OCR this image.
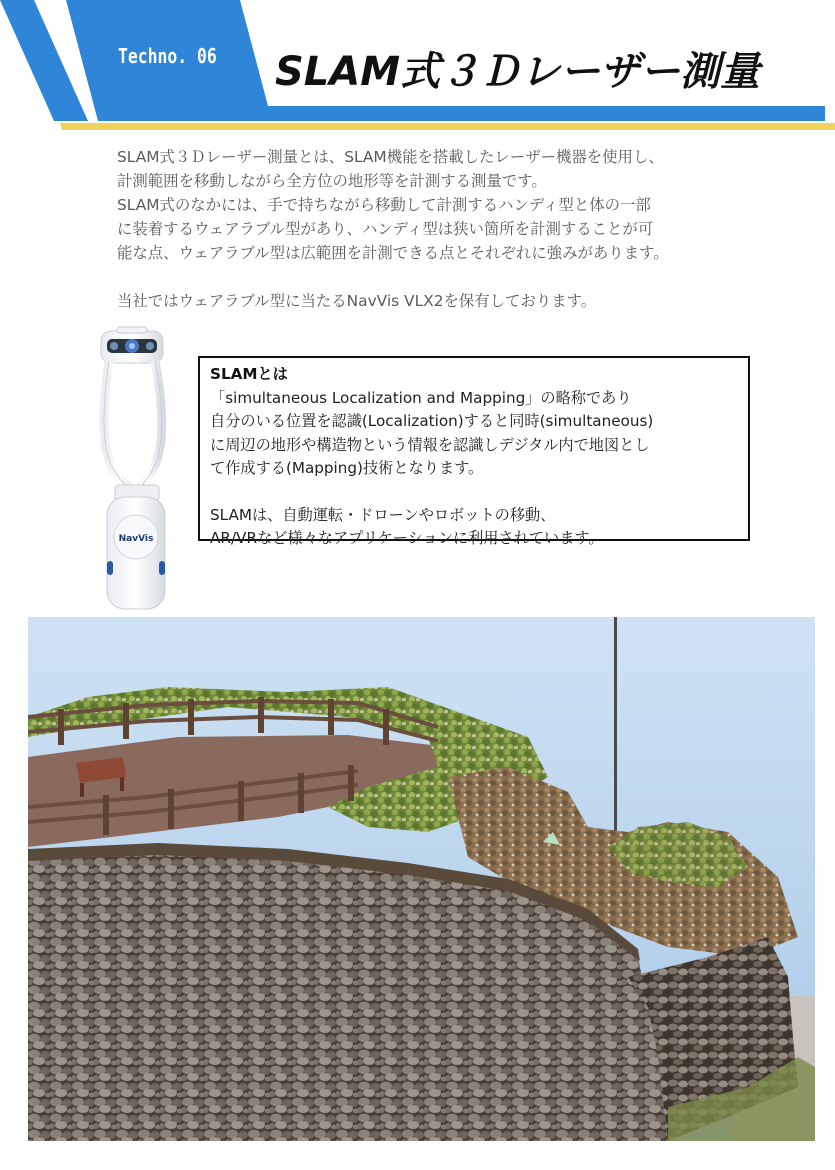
Techno. 06 SLAM式３Ｄレーザー測量

SLAM式３Ｄレーザー測量とは、SLAM機能を搭載したレーザー機器を使用し、

計測範囲を移動しながら全方位の地形等を計測する測量です。

SLAM式のなかには、手で持ちながら移動して計測するハンディ型と体の一部

に装着するウェアラブル型があり、ハンディ型は狭い箇所を計測することが可

能な点、ウェアラブル型は広範囲を計測できる点とそれぞれに強みがあります。

当社ではウェアラブル型に当たるNavVis VLX2を保有しております。

NavVis

SLAMとは

「simultaneous Localization and Mapping」の略称であり

自分のいる位置を認識(Localization)すると同時(simultaneous)

に周辺の地形や構造物という情報を認識しデジタル内で地図とし

て作成する(Mapping)技術となります。

SLAMは、自動運転・ドローンやロボットの移動、

AR/VRなど様々なアプリケーションに利用されています。
